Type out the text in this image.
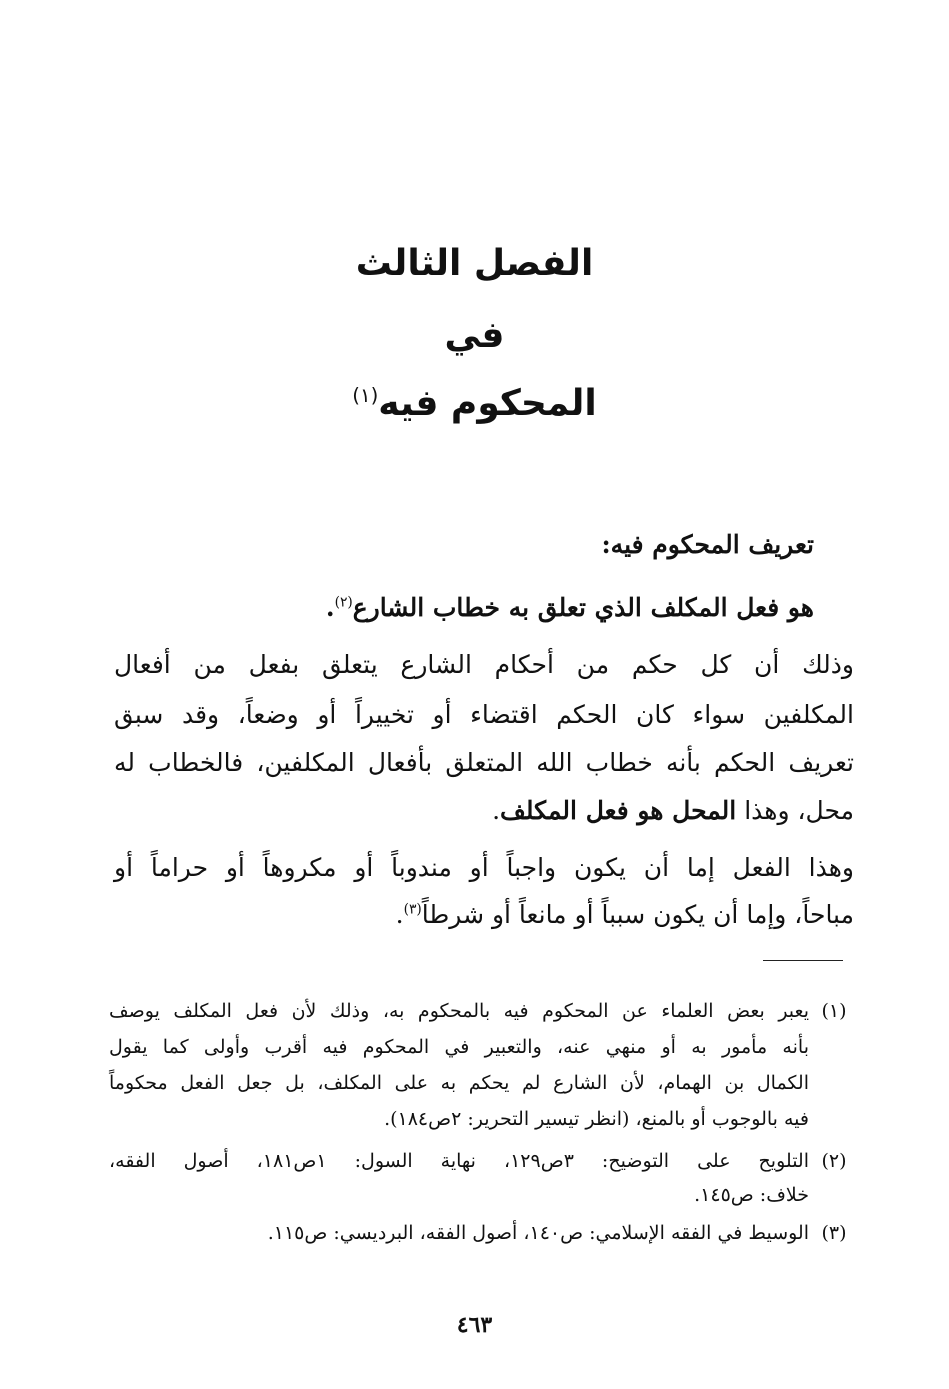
الفصل الثالث

في

المحكوم فيه$^{(١)}$

تعريف المحكوم فيه:

هو فعل المكلف الذي تعلق به خطاب الشارع$^{(٢)}$.

وذلك أن كل حكم من أحكام الشارع يتعلق بفعل من أفعال

المكلفين سواء كان الحكم اقتضاء أو تخييراً أو وضعاً، وقد سبق

تعريف الحكم بأنه خطاب الله المتعلق بأفعال المكلفين، فالخطاب له

محل، وهذا المحل هو فعل المكلف.

وهذا الفعل إما أن يكون واجباً أو مندوباً أو مكروهاً أو حراماً أو

مباحاً، وإما أن يكون سبباً أو مانعاً أو شرطاً$^{(٣)}$.

(١)

يعبر بعض العلماء عن المحكوم فيه بالمحكوم به، وذلك لأن فعل المكلف يوصف

بأنه مأمور به أو منهي عنه، والتعبير في المحكوم فيه أقرب وأولى كما يقول

الكمال بن الهمام، لأن الشارع لم يحكم به على المكلف، بل جعل الفعل محكوماً

فيه بالوجوب أو بالمنع، (انظر تيسير التحرير: ٢ص١٨٤).

(٢)

التلويح على التوضيح: ٣ص١٢٩، نهاية السول: ١ص١٨١، أصول الفقه،

خلاف: ص١٤٥.

(٣)

الوسيط في الفقه الإسلامي: ص١٤٠، أصول الفقه، البرديسي: ص١١٥.

٤٦٣
